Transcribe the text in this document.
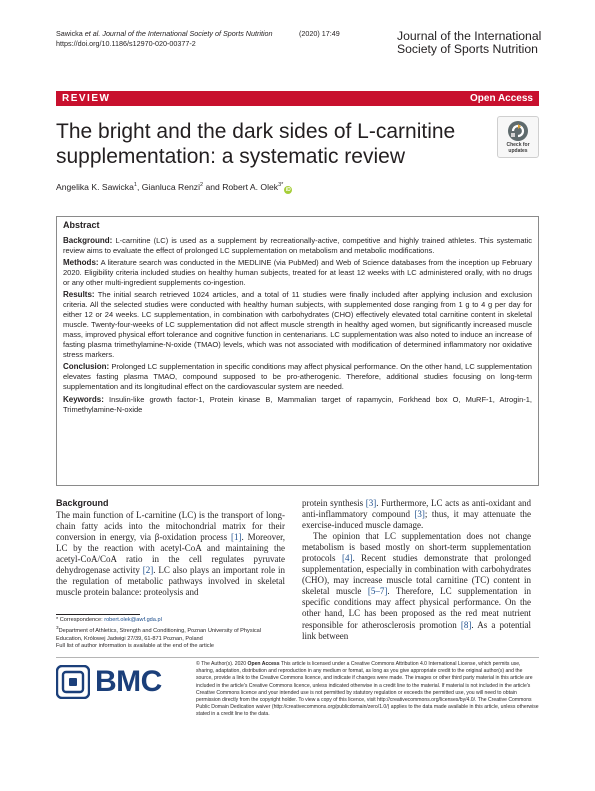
Sawicka et al. Journal of the International Society of Sports Nutrition	(2020) 17:49
https://doi.org/10.1186/s12970-020-00377-2
Journal of the International
Society of Sports Nutrition
REVIEW	Open Access
The bright and the dark sides of L-carnitine supplementation: a systematic review	Check for
updates
Angelika K. Sawicka$^1$, Gianluca Renzi$^2$ and Robert A. Olek$^{3*}$iD
Abstract

Background: L-carnitine (LC) is used as a supplement by recreationally-active, competitive and highly trained athletes. This systematic review aims to evaluate the effect of prolonged LC supplementation on metabolism and metabolic modifications.

Methods: A literature search was conducted in the MEDLINE (via PubMed) and Web of Science databases from the inception up February 2020. Eligibility criteria included studies on healthy human subjects, treated for at least 12 weeks with LC administered orally, with no drugs or any other multi-ingredient supplements co-ingestion.

Results: The initial search retrieved 1024 articles, and a total of 11 studies were finally included after applying inclusion and exclusion criteria. All the selected studies were conducted with healthy human subjects, with supplemented dose ranging from 1 g to 4 g per day for either 12 or 24 weeks. LC supplementation, in combination with carbohydrates (CHO) effectively elevated total carnitine content in skeletal muscle. Twenty-four-weeks of LC supplementation did not affect muscle strength in healthy aged women, but significantly increased muscle mass, improved physical effort tolerance and cognitive function in centenarians. LC supplementation was also noted to induce an increase of fasting plasma trimethylamine-N-oxide (TMAO) levels, which was not associated with modification of determined inflammatory nor oxidative stress markers.

Conclusion: Prolonged LC supplementation in specific conditions may affect physical performance. On the other hand, LC supplementation elevates fasting plasma TMAO, compound supposed to be pro-atherogenic. Therefore, additional studies focusing on long-term supplementation and its longitudinal effect on the cardiovascular system are needed.

Keywords: Insulin-like growth factor-1, Protein kinase B, Mammalian target of rapamycin, Forkhead box O, MuRF-1, Atrogin-1, Trimethylamine-N-oxide

Background

The main function of L-carnitine (LC) is the transport of long-chain fatty acids into the mitochondrial matrix for their conversion in energy, via β-oxidation process [1]. Moreover, LC by the reaction with acetyl-CoA and maintaining the acetyl-CoA/CoA ratio in the cell regulates pyruvate dehydrogenase activity [2]. LC also plays an important role in the regulation of metabolic pathways involved in skeletal muscle protein balance: proteolysis and

protein synthesis [3]. Furthermore, LC acts as anti-oxidant and anti-inflammatory compound [3]; thus, it may attenuate the exercise-induced muscle damage.

The opinion that LC supplementation does not change metabolism is based mostly on short-term supplementation protocols [4]. Recent studies demonstrate that prolonged supplementation, especially in combination with carbohydrates (CHO), may increase muscle total carnitine (TC) content in skeletal muscle [5–7]. Therefore, LC supplementation in specific conditions may affect physical performance. On the other hand, LC has been proposed as the red meat nutrient responsible for atherosclerosis promotion [8]. As a potential link between

* Correspondence: robert.olek@awf.gda.pl
$^3$Department of Athletics, Strength and Conditioning, Poznan University of Physical Education, Królowej Jadwigi 27/39, 61-871 Poznan, Poland
Full list of author information is available at the end of the article
BMC
© The Author(s). 2020 Open Access This article is licensed under a Creative Commons Attribution 4.0 International License, which permits use, sharing, adaptation, distribution and reproduction in any medium or format, as long as you give appropriate credit to the original author(s) and the source, provide a link to the Creative Commons licence, and indicate if changes were made. The images or other third party material in this article are included in the article's Creative Commons licence, unless indicated otherwise in a credit line to the material. If material is not included in the article's Creative Commons licence and your intended use is not permitted by statutory regulation or exceeds the permitted use, you will need to obtain permission directly from the copyright holder. To view a copy of this licence, visit http://creativecommons.org/licenses/by/4.0/. The Creative Commons Public Domain Dedication waiver (http://creativecommons.org/publicdomain/zero/1.0/) applies to the data made available in this article, unless otherwise stated in a credit line to the data.
